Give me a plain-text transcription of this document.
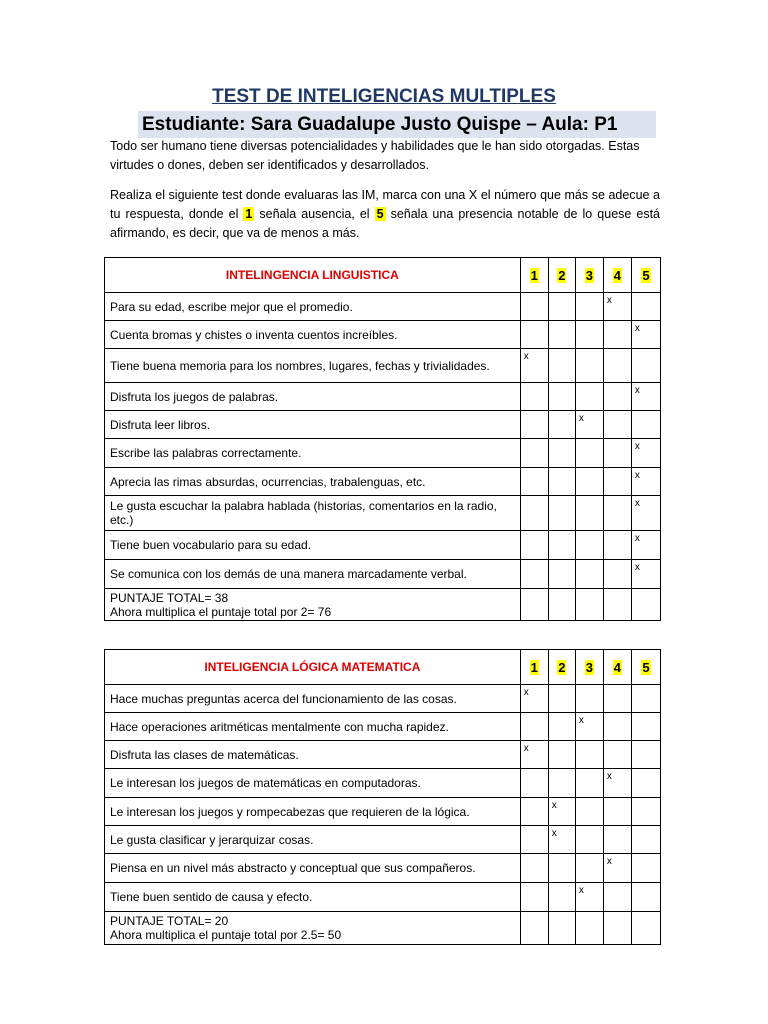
TEST DE INTELIGENCIAS MULTIPLES
Estudiante: Sara Guadalupe Justo Quispe – Aula: P1
Todo ser humano tiene diversas potencialidades y habilidades que le han sido otorgadas. Estas virtudes o dones, deben ser identificados y desarrollados.
Realiza el siguiente test donde evaluaras las IM, marca con una X el número que más se adecue a tu respuesta, donde el 1 señala ausencia, el 5 señala una presencia notable de lo quese está afirmando, es decir, que va de menos a más.
INTELINGENCIA LINGUISTICA	1	2	3	4	5
Para su edad, escribe mejor que el promedio.				x	

Cuenta bromas y chistes o inventa cuentos increíbles.					x

Tiene buena memoria para los nombres, lugares, fechas y trivialidades.	x				

Disfruta los juegos de palabras.					x

Disfruta leer libros.			x		

Escribe las palabras correctamente.					x

Aprecia las rimas absurdas, ocurrencias, trabalenguas, etc.					x

Le gusta escuchar la palabra hablada (historias, comentarios en la radio, etc.)					x

Tiene buen vocabulario para su edad.					x

Se comunica con los demás de una manera marcadamente verbal.					x

PUNTAJE TOTAL= 38
Ahora multiplica el puntaje total por 2= 76					

INTELIGENCIA LÓGICA MATEMATICA	1	2	3	4	5
Hace muchas preguntas acerca del funcionamiento de las cosas.	x				

Hace operaciones aritméticas mentalmente con mucha rapidez.			x		

Disfruta las clases de matemáticas.	x				

Le interesan los juegos de matemáticas en computadoras.				x	

Le interesan los juegos y rompecabezas que requieren de la lógica.		x			

Le gusta clasificar y jerarquizar cosas.		x			

Piensa en un nivel más abstracto y conceptual que sus compañeros.				x	

Tiene buen sentido de causa y efecto.			x		

PUNTAJE TOTAL= 20
Ahora multiplica el puntaje total por 2.5= 50					
